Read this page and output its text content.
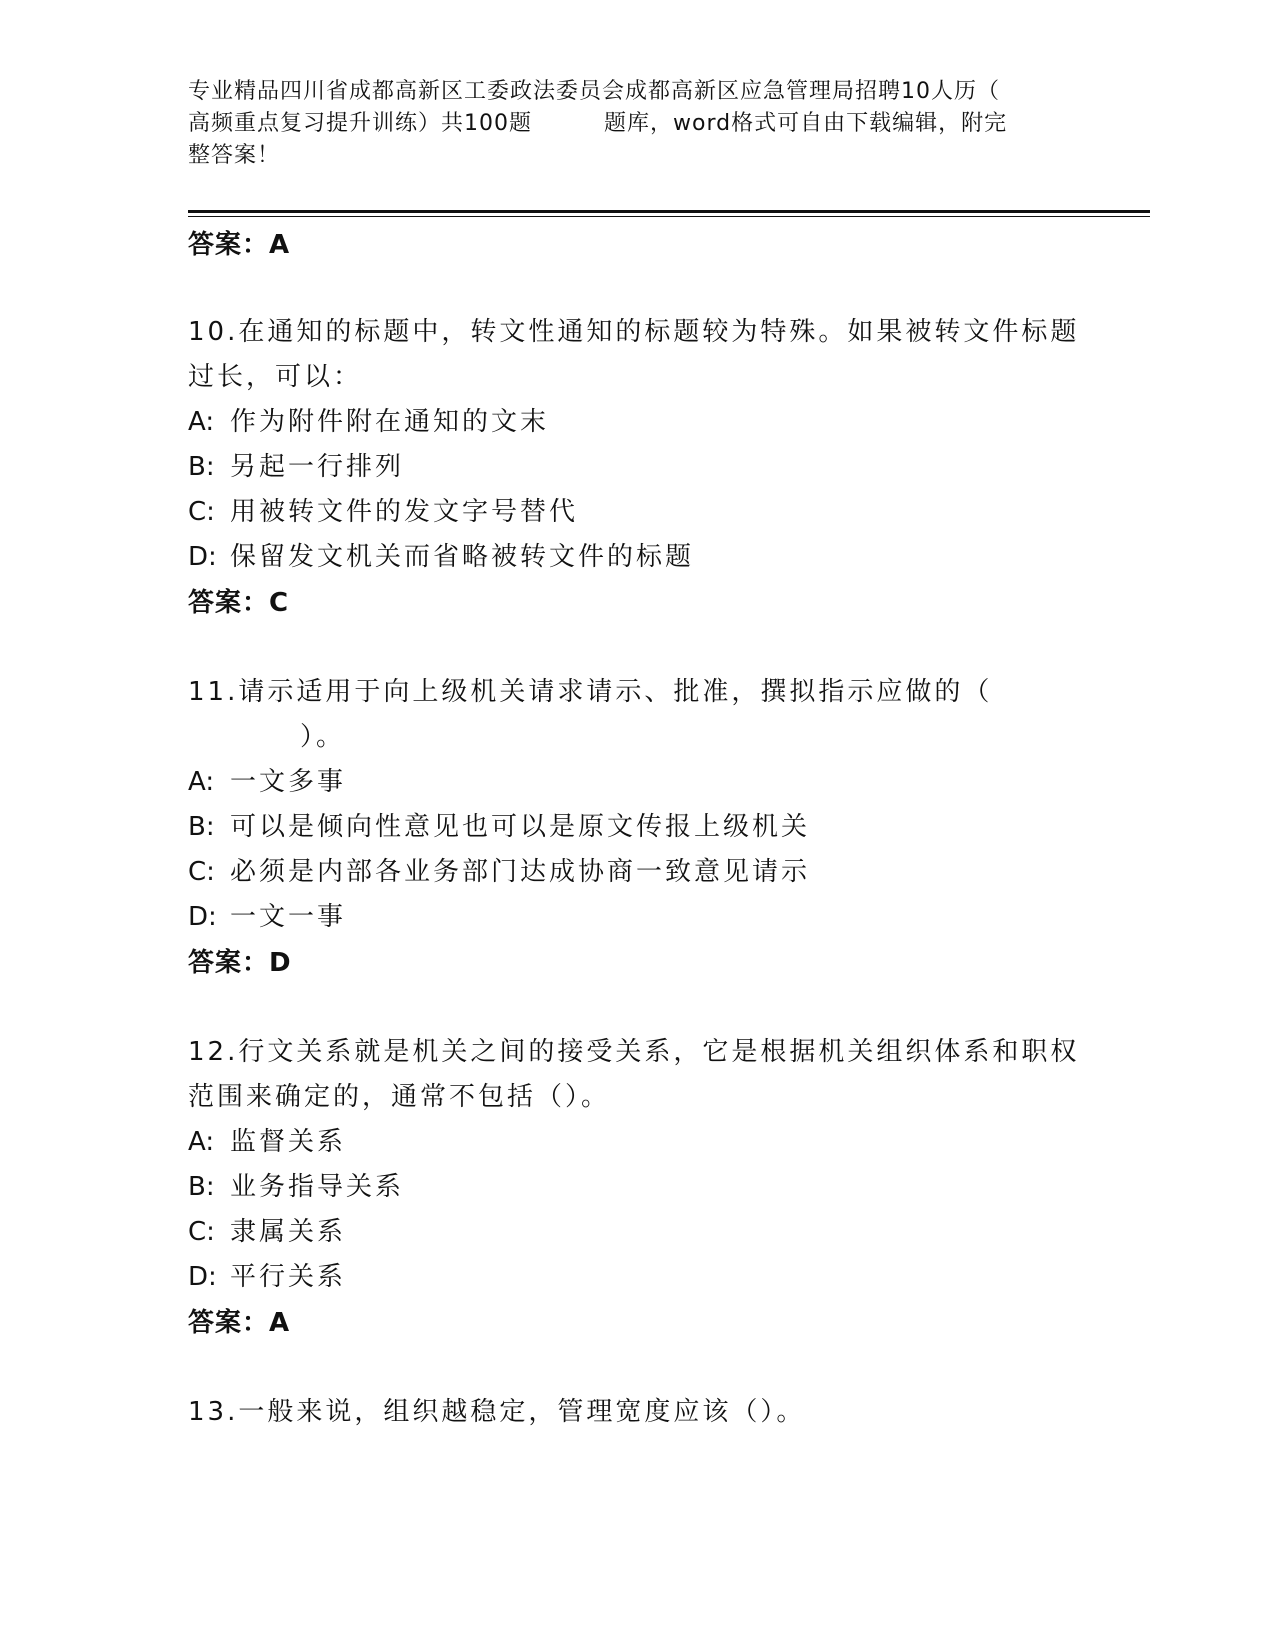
专业精品四川省成都高新区工委政法委员会成都高新区应急管理局招聘10人历（
高频重点复习提升训练）共100题	题库，word格式可自由下载编辑，附完
整答案！
答案：A
10.在通知的标题中，转文性通知的标题较为特殊。如果被转文件标题
过长，可以：
A: 作为附件附在通知的文末
B: 另起一行排列
C: 用被转文件的发文字号替代
D: 保留发文机关而省略被转文件的标题
答案：C
11.请示适用于向上级机关请求请示、批准，撰拟指示应做的（
）。
A: 一文多事
B: 可以是倾向性意见也可以是原文传报上级机关
C: 必须是内部各业务部门达成协商一致意见请示
D: 一文一事
答案：D
12.行文关系就是机关之间的接受关系，它是根据机关组织体系和职权
范围来确定的，通常不包括（）。
A: 监督关系
B: 业务指导关系
C: 隶属关系
D: 平行关系
答案：A
13.一般来说，组织越稳定，管理宽度应该（）。
